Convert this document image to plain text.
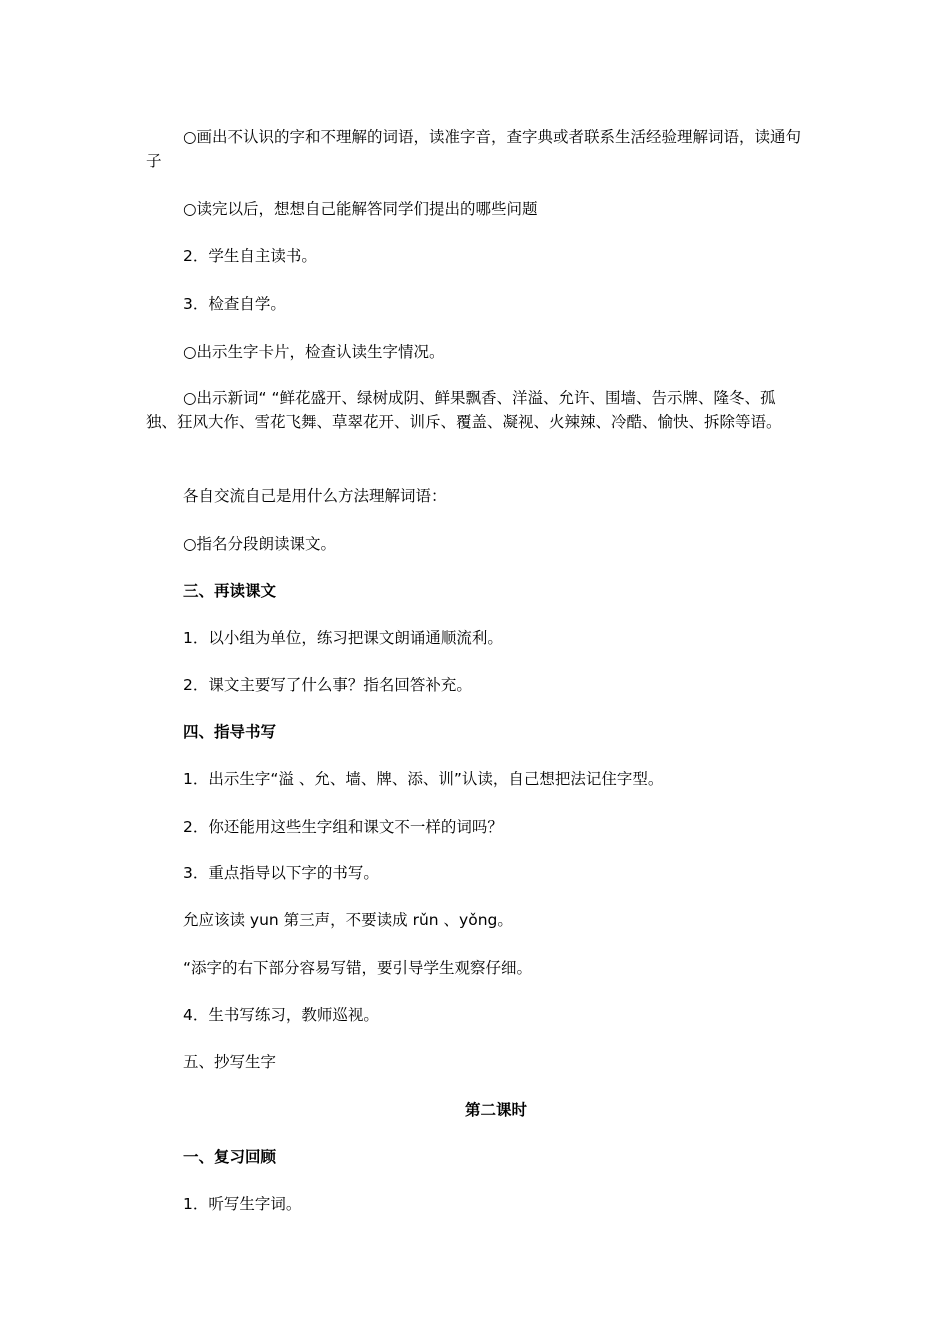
○画出不认识的字和不理解的词语，读准字音，查字典或者联系生活经验理解词语，读通句子
○读完以后，想想自己能解答同学们提出的哪些问题
2．学生自主读书。
3．检查自学。
○出示生字卡片，检查认读生字情况。
○出示新词“ “鲜花盛开、绿树成阴、鲜果飘香、洋溢、允许、围墙、告示牌、隆冬、孤独、狂风大作、雪花飞舞、草翠花开、训斥、覆盖、凝视、火辣辣、冷酷、愉快、拆除等语。
各自交流自己是用什么方法理解词语：
○指名分段朗读课文。
三、再读课文
1．以小组为单位，练习把课文朗诵通顺流利。
2．课文主要写了什么事？指名回答补充。
四、指导书写
1．出示生字“溢 、允、墙、牌、添、训”认读，自己想把法记住字型。
2．你还能用这些生字组和课文不一样的词吗？
3．重点指导以下字的书写。
允应该读 yun 第三声，不要读成 rǔn 、yǒng。
“添字的右下部分容易写错，要引导学生观察仔细。
4．生书写练习，教师巡视。
五、抄写生字
第二课时
一、复习回顾
1．听写生字词。
